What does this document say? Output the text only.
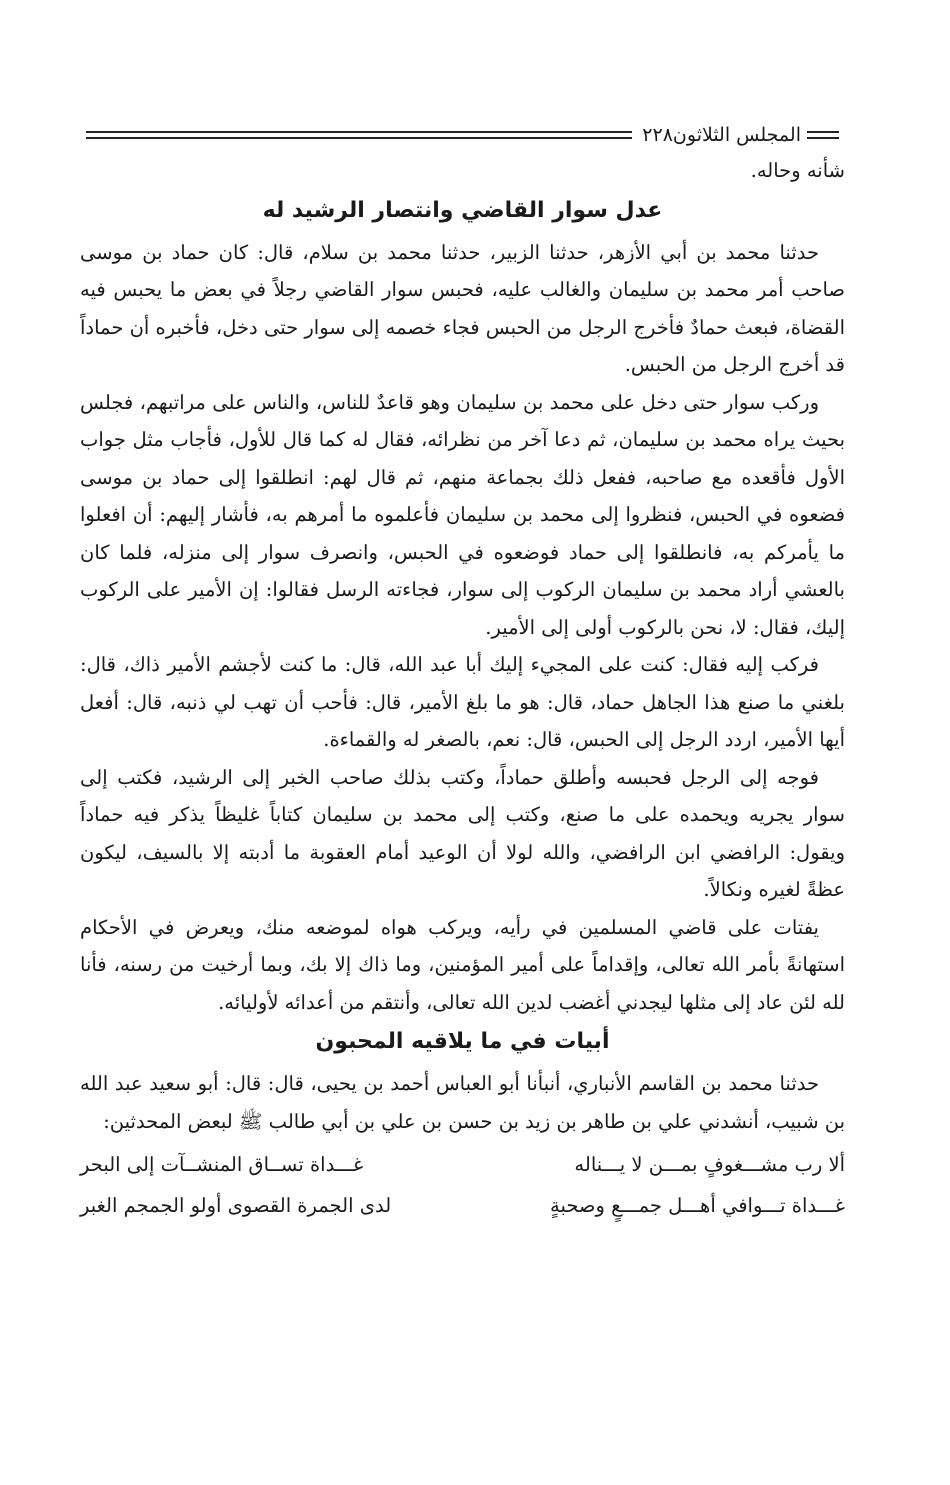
٢٢٨ المجلس الثلاثون

شأنه وحاله.

عدل سوار القاضي وانتصار الرشيد له

حدثنا محمد بن أبي الأزهر، حدثنا الزبير، حدثنا محمد بن سلام، قال: كان حماد بن موسى صاحب أمر محمد بن سليمان والغالب عليه، فحبس سوار القاضي رجلاً في بعض ما يحبس فيه القضاة، فبعث حمادٌ فأخرج الرجل من الحبس فجاء خصمه إلى سوار حتى دخل، فأخبره أن حماداً قد أخرج الرجل من الحبس.

وركب سوار حتى دخل على محمد بن سليمان وهو قاعدٌ للناس، والناس على مراتبهم، فجلس بحيث يراه محمد بن سليمان، ثم دعا آخر من نظرائه، فقال له كما قال للأول، فأجاب مثل جواب الأول فأقعده مع صاحبه، ففعل ذلك بجماعة منهم، ثم قال لهم: انطلقوا إلى حماد بن موسى فضعوه في الحبس، فنظروا إلى محمد بن سليمان فأعلموه ما أمرهم به، فأشار إليهم: أن افعلوا ما يأمركم به، فانطلقوا إلى حماد فوضعوه في الحبس، وانصرف سوار إلى منزله، فلما كان بالعشي أراد محمد بن سليمان الركوب إلى سوار، فجاءته الرسل فقالوا: إن الأمير على الركوب إليك، فقال: لا، نحن بالركوب أولى إلى الأمير.

فركب إليه فقال: كنت على المجيء إليك أبا عبد الله، قال: ما كنت لأجشم الأمير ذاك، قال: بلغني ما صنع هذا الجاهل حماد، قال: هو ما بلغ الأمير، قال: فأحب أن تهب لي ذنبه، قال: أفعل أيها الأمير، اردد الرجل إلى الحبس، قال: نعم، بالصغر له والقماءة.

فوجه إلى الرجل فحبسه وأطلق حماداً، وكتب بذلك صاحب الخبر إلى الرشيد، فكتب إلى سوار يجريه ويحمده على ما صنع، وكتب إلى محمد بن سليمان كتاباً غليظاً يذكر فيه حماداً ويقول: الرافضي ابن الرافضي، والله لولا أن الوعيد أمام العقوبة ما أدبته إلا بالسيف، ليكون عظةً لغيره ونكالاً.

يفتات على قاضي المسلمين في رأيه، ويركب هواه لموضعه منك، ويعرض في الأحكام استهانةً بأمر الله تعالى، وإقداماً على أمير المؤمنين، وما ذاك إلا بك، وبما أرخيت من رسنه، فأنا لله لئن عاد إلى مثلها ليجدني أغضب لدين الله تعالى، وأنتقم من أعدائه لأوليائه.

أبيات في ما يلاقيه المحبون

حدثنا محمد بن القاسم الأنباري، أنبأنا أبو العباس أحمد بن يحيى، قال: قال: أبو سعيد عبد الله بن شبيب، أنشدني علي بن طاهر بن زيد بن حسن بن علي بن أبي طالب ﷺ لبعض المحدثين:

ألا رب مشـــغوفٍ بمـــن لا يـــناله
غـــداة تســاق المنشــآت إلى البحر
غـــداة تـــوافي أهـــل جمـــعٍ وصحبةٍ
لدى الجمرة القصوى أولو الجمجم الغبر
